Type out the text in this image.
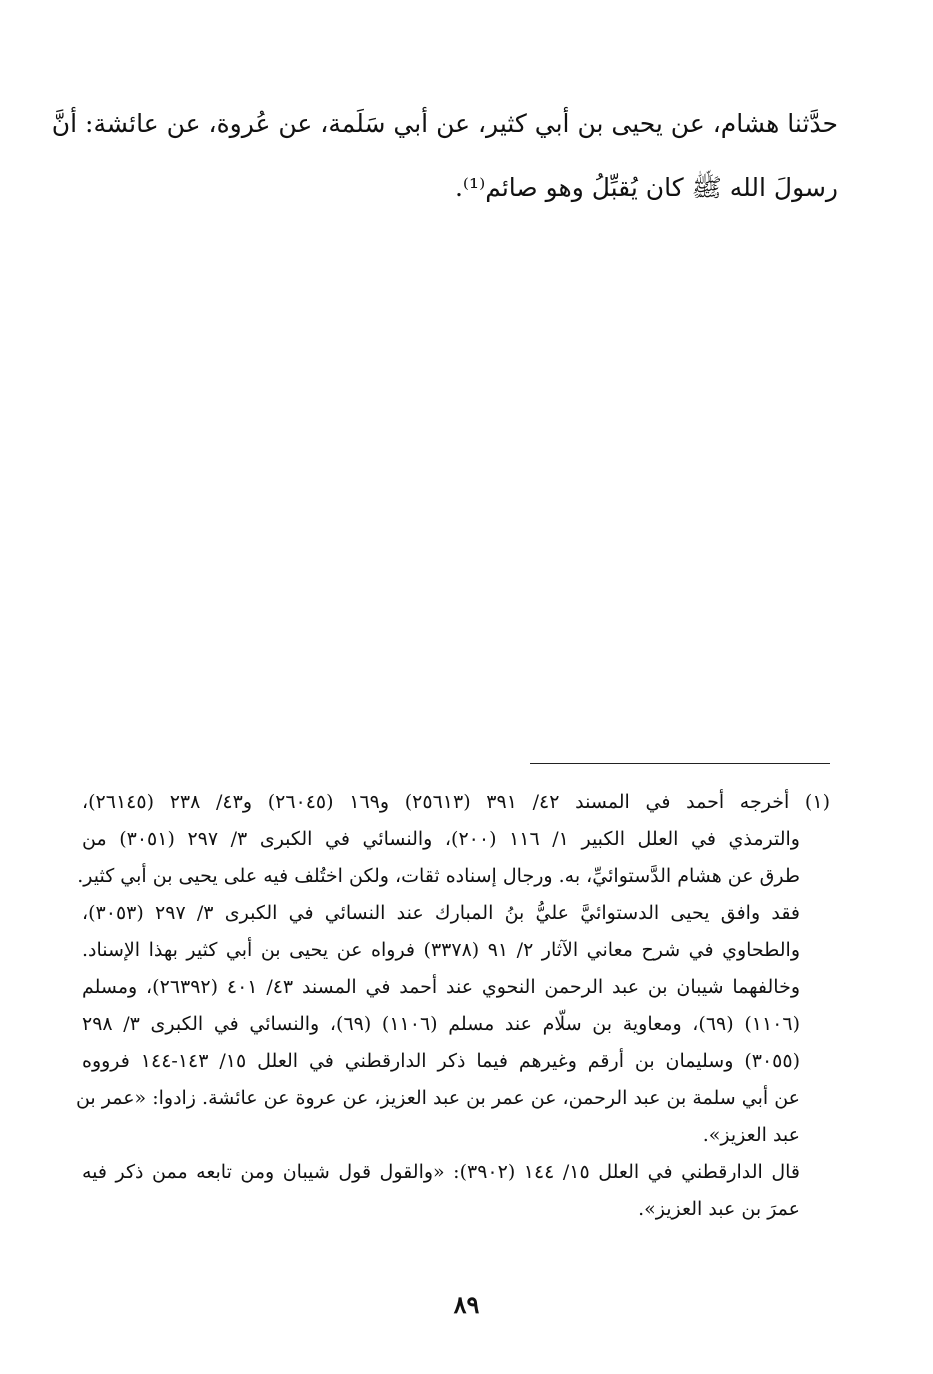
حدَّثنا هشام، عن يحيى بن أبي كثير، عن أبي سَلَمة، عن عُروة، عن عائشة: أنَّ
رسولَ الله ﷺ كان يُقبِّلُ وهو صائم⁽¹⁾.
(١) أخرجه أحمد في المسند ٤٢/ ٣٩١ (٢٥٦١٣) و١٦٩ (٢٦٠٤٥) و٤٣/ ٢٣٨ (٢٦١٤٥)،
والترمذي في العلل الكبير ١/ ١١٦ (٢٠٠)، والنسائي في الكبرى ٣/ ٢٩٧ (٣٠٥١) من
طرق عن هشام الدَّستوائيِّ، به. ورجال إسناده ثقات، ولكن اختُلف فيه على يحيى بن أبي كثير.
فقد وافق يحيى الدستوائيَّ عليُّ بنُ المبارك عند النسائي في الكبرى ٣/ ٢٩٧ (٣٠٥٣)،
والطحاوي في شرح معاني الآثار ٢/ ٩١ (٣٣٧٨) فرواه عن يحيى بن أبي كثير بهذا الإسناد.
وخالفهما شيبان بن عبد الرحمن النحوي عند أحمد في المسند ٤٣/ ٤٠١ (٢٦٣٩٢)، ومسلم
(١١٠٦) (٦٩)، ومعاوية بن سلّام عند مسلم (١١٠٦) (٦٩)، والنسائي في الكبرى ٣/ ٢٩٨
(٣٠٥٥) وسليمان بن أرقم وغيرهم فيما ذكر الدارقطني في العلل ١٥/ ١٤٣-١٤٤ فرووه
عن أبي سلمة بن عبد الرحمن، عن عمر بن عبد العزيز، عن عروة عن عائشة. زادوا: «عمر بن
عبد العزيز».
قال الدارقطني في العلل ١٥/ ١٤٤ (٣٩٠٢): «والقول قول شيبان ومن تابعه ممن ذكر فيه
عمرَ بن عبد العزيز».
٨٩
